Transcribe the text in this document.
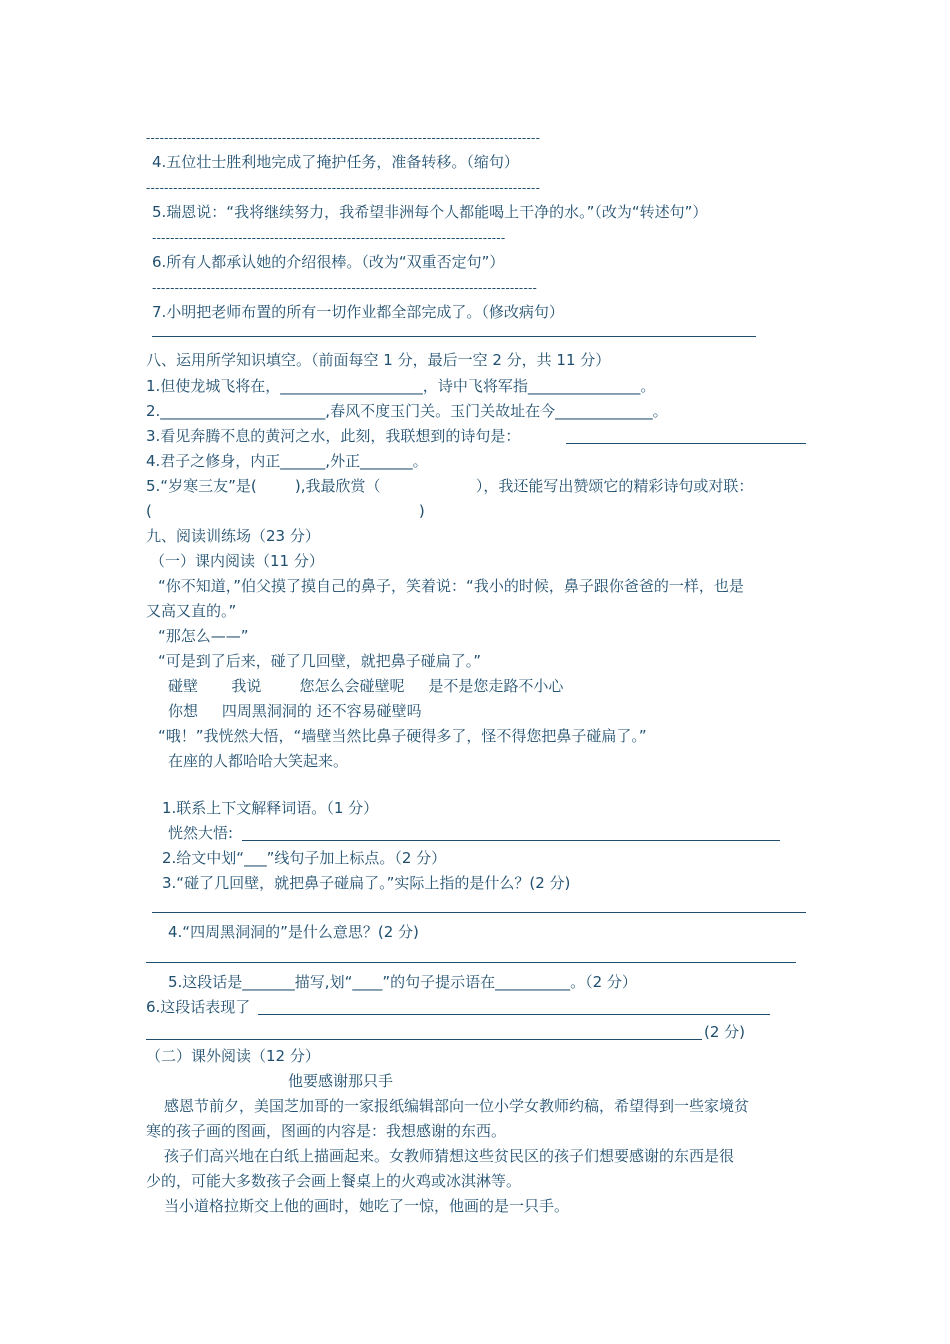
---------------------------------------------------------------------------------------
4.五位壮士胜利地完成了掩护任务，准备转移。（缩句）
---------------------------------------------------------------------------------------
5.瑞恩说：“我将继续努力，我希望非洲每个人都能喝上干净的水。”（改为“转述句”）
------------------------------------------------------------------------------
6.所有人都承认她的介绍很棒。（改为“双重否定句”）
-------------------------------------------------------------------------------------
7.小明把老师布置的所有一切作业都全部完成了。（修改病句）
八、运用所学知识填空。（前面每空 1 分，最后一空 2 分，共 11 分）
1.但使龙城飞将在，___________________，诗中飞将军指_______________。
2.______________________,春风不度玉门关。玉门关故址在今_____________。
3.看见奔腾不息的黄河之水，此刻，我联想到的诗句是：
4.君子之修身，内正______,外正_______。
5.“岁寒三友”是(        ),我最欣赏（                    ），我还能写出赞颂它的精彩诗句或对联：
(                                                        )
九、阅读训练场（23 分）
（一）课内阅读（11 分）
“你不知道，”伯父摸了摸自己的鼻子，笑着说：“我小的时候，鼻子跟你爸爸的一样，也是
又高又直的。”
“那怎么——”
“可是到了后来，碰了几回壁，就把鼻子碰扁了。”
碰壁       我说        您怎么会碰壁呢     是不是您走路不小心
你想     四周黑洞洞的 还不容易碰壁吗
“哦！”我恍然大悟，“墙壁当然比鼻子硬得多了，怪不得您把鼻子碰扁了。”
在座的人都哈哈大笑起来。
1.联系上下文解释词语。（1 分）
恍然大悟:
2.给文中划“___”线句子加上标点。（2 分）
3.“碰了几回壁，就把鼻子碰扁了。”实际上指的是什么？(2 分)
4.“四周黑洞洞的”是什么意思？(2 分)
5.这段话是_______描写,划“____”的句子提示语在__________。（2 分）
6.这段话表现了
(2 分)
（二）课外阅读（12 分）
他要感谢那只手
感恩节前夕，美国芝加哥的一家报纸编辑部向一位小学女教师约稿，希望得到一些家境贫
寒的孩子画的图画，图画的内容是：我想感谢的东西。
孩子们高兴地在白纸上描画起来。女教师猜想这些贫民区的孩子们想要感谢的东西是很
少的，可能大多数孩子会画上餐桌上的火鸡或冰淇淋等。
当小道格拉斯交上他的画时，她吃了一惊，他画的是一只手。
